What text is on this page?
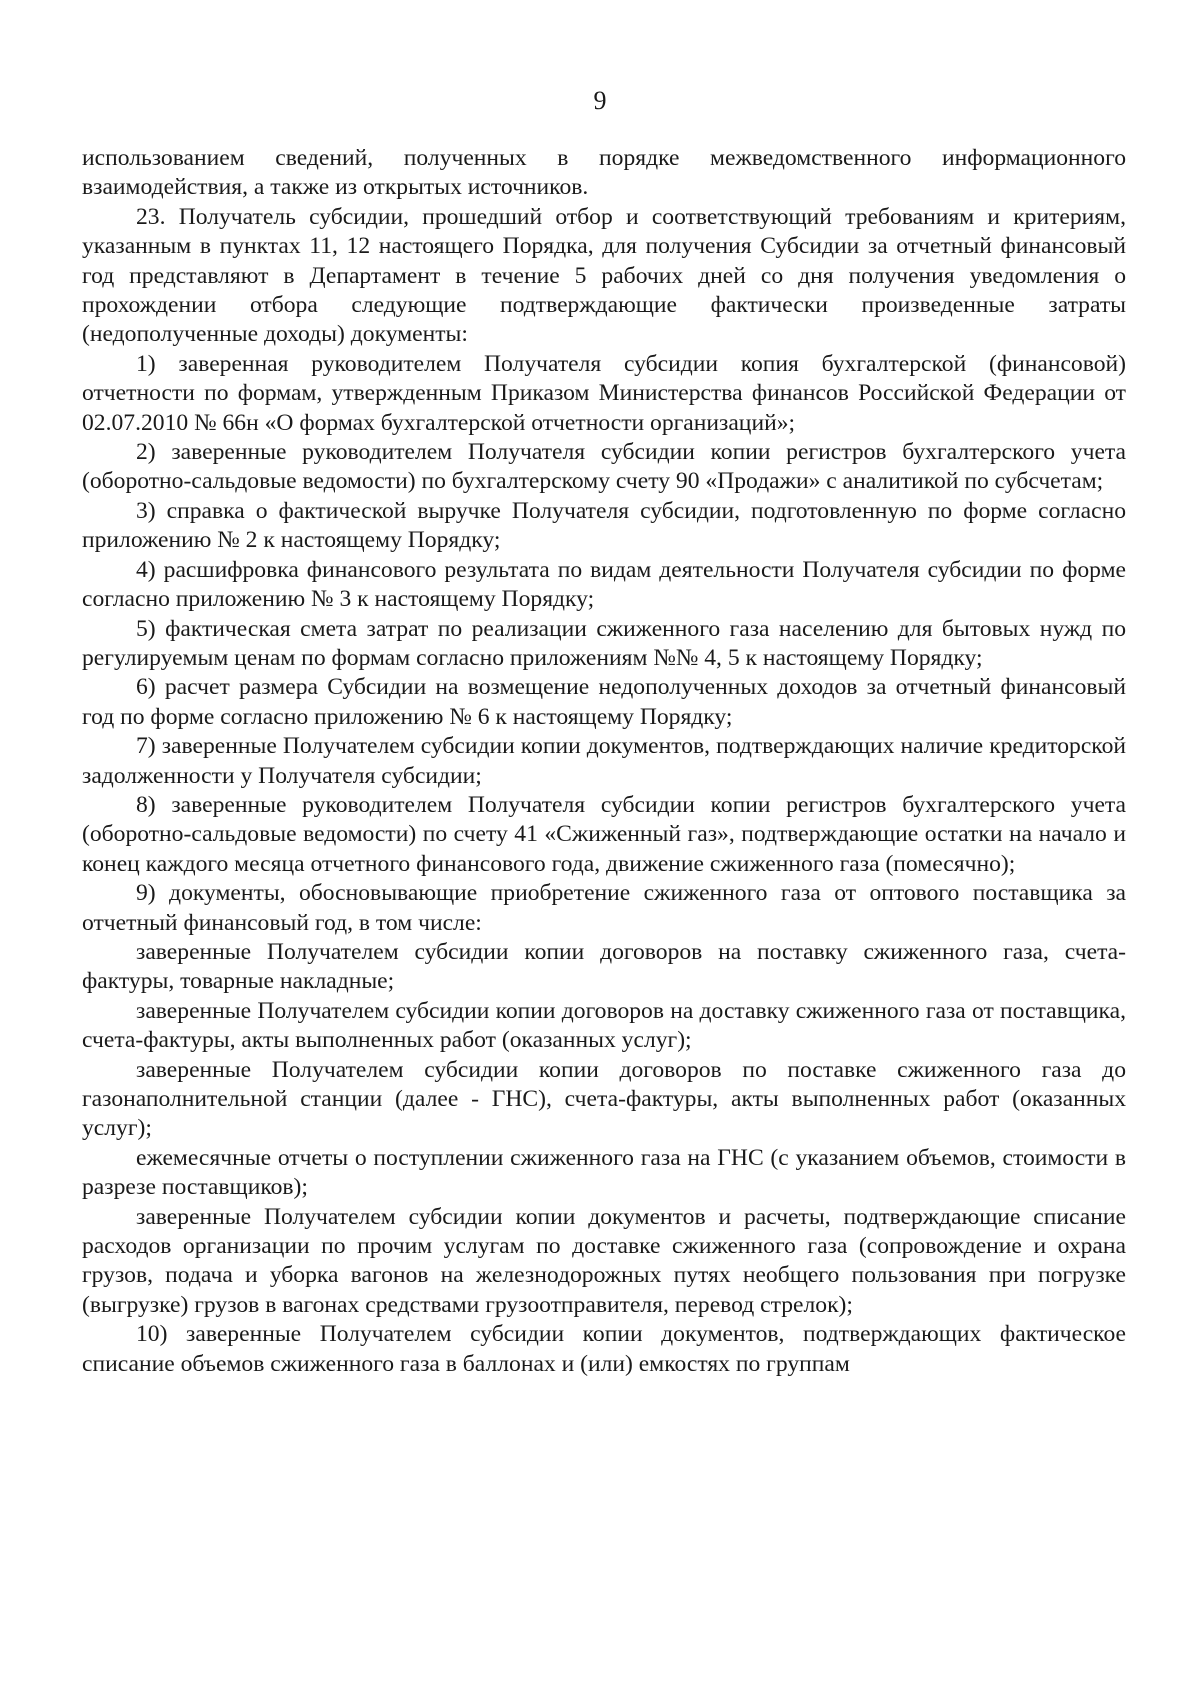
9

использованием сведений, полученных в порядке межведомственного информационного взаимодействия, а также из открытых источников.

23. Получатель субсидии, прошедший отбор и соответствующий требованиям и критериям, указанным в пунктах 11, 12 настоящего Порядка, для получения Субсидии за отчетный финансовый год представляют в Департамент в течение 5 рабочих дней со дня получения уведомления о прохождении отбора следующие подтверждающие фактически произведенные затраты (недополученные доходы) документы:

1) заверенная руководителем Получателя субсидии копия бухгалтерской (финансовой) отчетности по формам, утвержденным Приказом Министерства финансов Российской Федерации от 02.07.2010 № 66н «О формах бухгалтерской отчетности организаций»;

2) заверенные руководителем Получателя субсидии копии регистров бухгалтерского учета (оборотно-сальдовые ведомости) по бухгалтерскому счету 90 «Продажи» с аналитикой по субсчетам;

3) справка о фактической выручке Получателя субсидии, подготовленную по форме согласно приложению № 2 к настоящему Порядку;

4) расшифровка финансового результата по видам деятельности Получателя субсидии по форме согласно приложению № 3 к настоящему Порядку;

5) фактическая смета затрат по реализации сжиженного газа населению для бытовых нужд по регулируемым ценам по формам согласно приложениям №№ 4, 5 к настоящему Порядку;

6) расчет размера Субсидии на возмещение недополученных доходов за отчетный финансовый год по форме согласно приложению № 6 к настоящему Порядку;

7) заверенные Получателем субсидии копии документов, подтверждающих наличие кредиторской задолженности у Получателя субсидии;

8) заверенные руководителем Получателя субсидии копии регистров бухгалтерского учета (оборотно-сальдовые ведомости) по счету 41 «Сжиженный газ», подтверждающие остатки на начало и конец каждого месяца отчетного финансового года, движение сжиженного газа (помесячно);

9) документы, обосновывающие приобретение сжиженного газа от оптового поставщика за отчетный финансовый год, в том числе:

заверенные Получателем субсидии копии договоров на поставку сжиженного газа, счета-фактуры, товарные накладные;

заверенные Получателем субсидии копии договоров на доставку сжиженного газа от поставщика, счета-фактуры, акты выполненных работ (оказанных услуг);

заверенные Получателем субсидии копии договоров по поставке сжиженного газа до газонаполнительной станции (далее - ГНС), счета-фактуры, акты выполненных работ (оказанных услуг);

ежемесячные отчеты о поступлении сжиженного газа на ГНС (с указанием объемов, стоимости в разрезе поставщиков);

заверенные Получателем субсидии копии документов и расчеты, подтверждающие списание расходов организации по прочим услугам по доставке сжиженного газа (сопровождение и охрана грузов, подача и уборка вагонов на железнодорожных путях необщего пользования при погрузке (выгрузке) грузов в вагонах средствами грузоотправителя, перевод стрелок);

10) заверенные Получателем субсидии копии документов, подтверждающих фактическое списание объемов сжиженного газа в баллонах и (или) емкостях по группам
